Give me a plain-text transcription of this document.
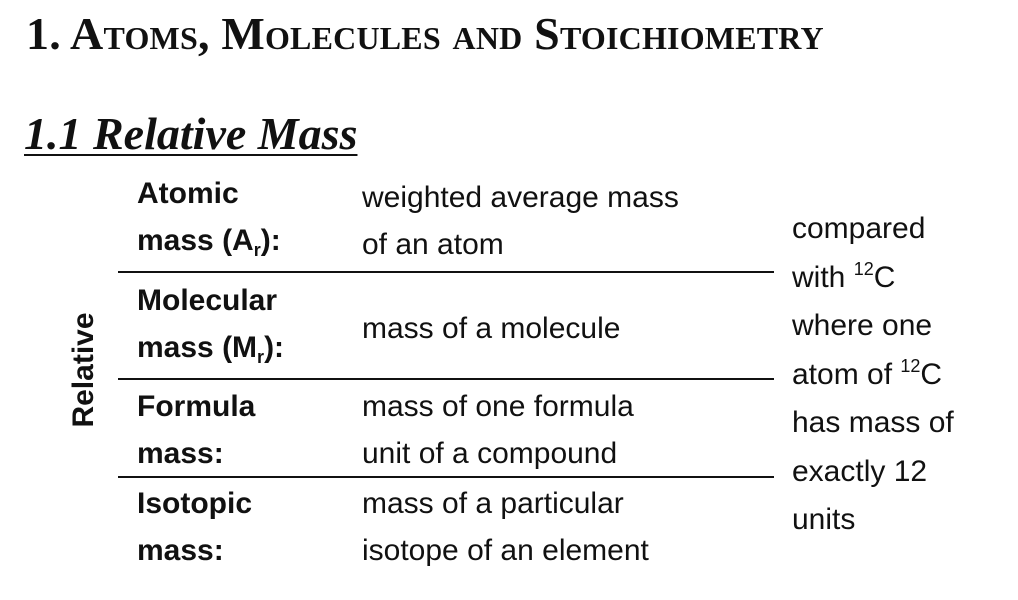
1. Atoms, Molecules and Stoichiometry
1.1 Relative Mass
Relative
Atomic
mass $(A_r)$:
weighted average mass
of an atom
Molecular
mass $(M_r)$:
mass of a molecule
Formula
mass:
mass of one formula
unit of a compound
Isotopic
mass:
mass of a particular
isotope of an element
compared
with $^{12}$C
where one
atom of $^{12}$C
has mass of
exactly 12
units
